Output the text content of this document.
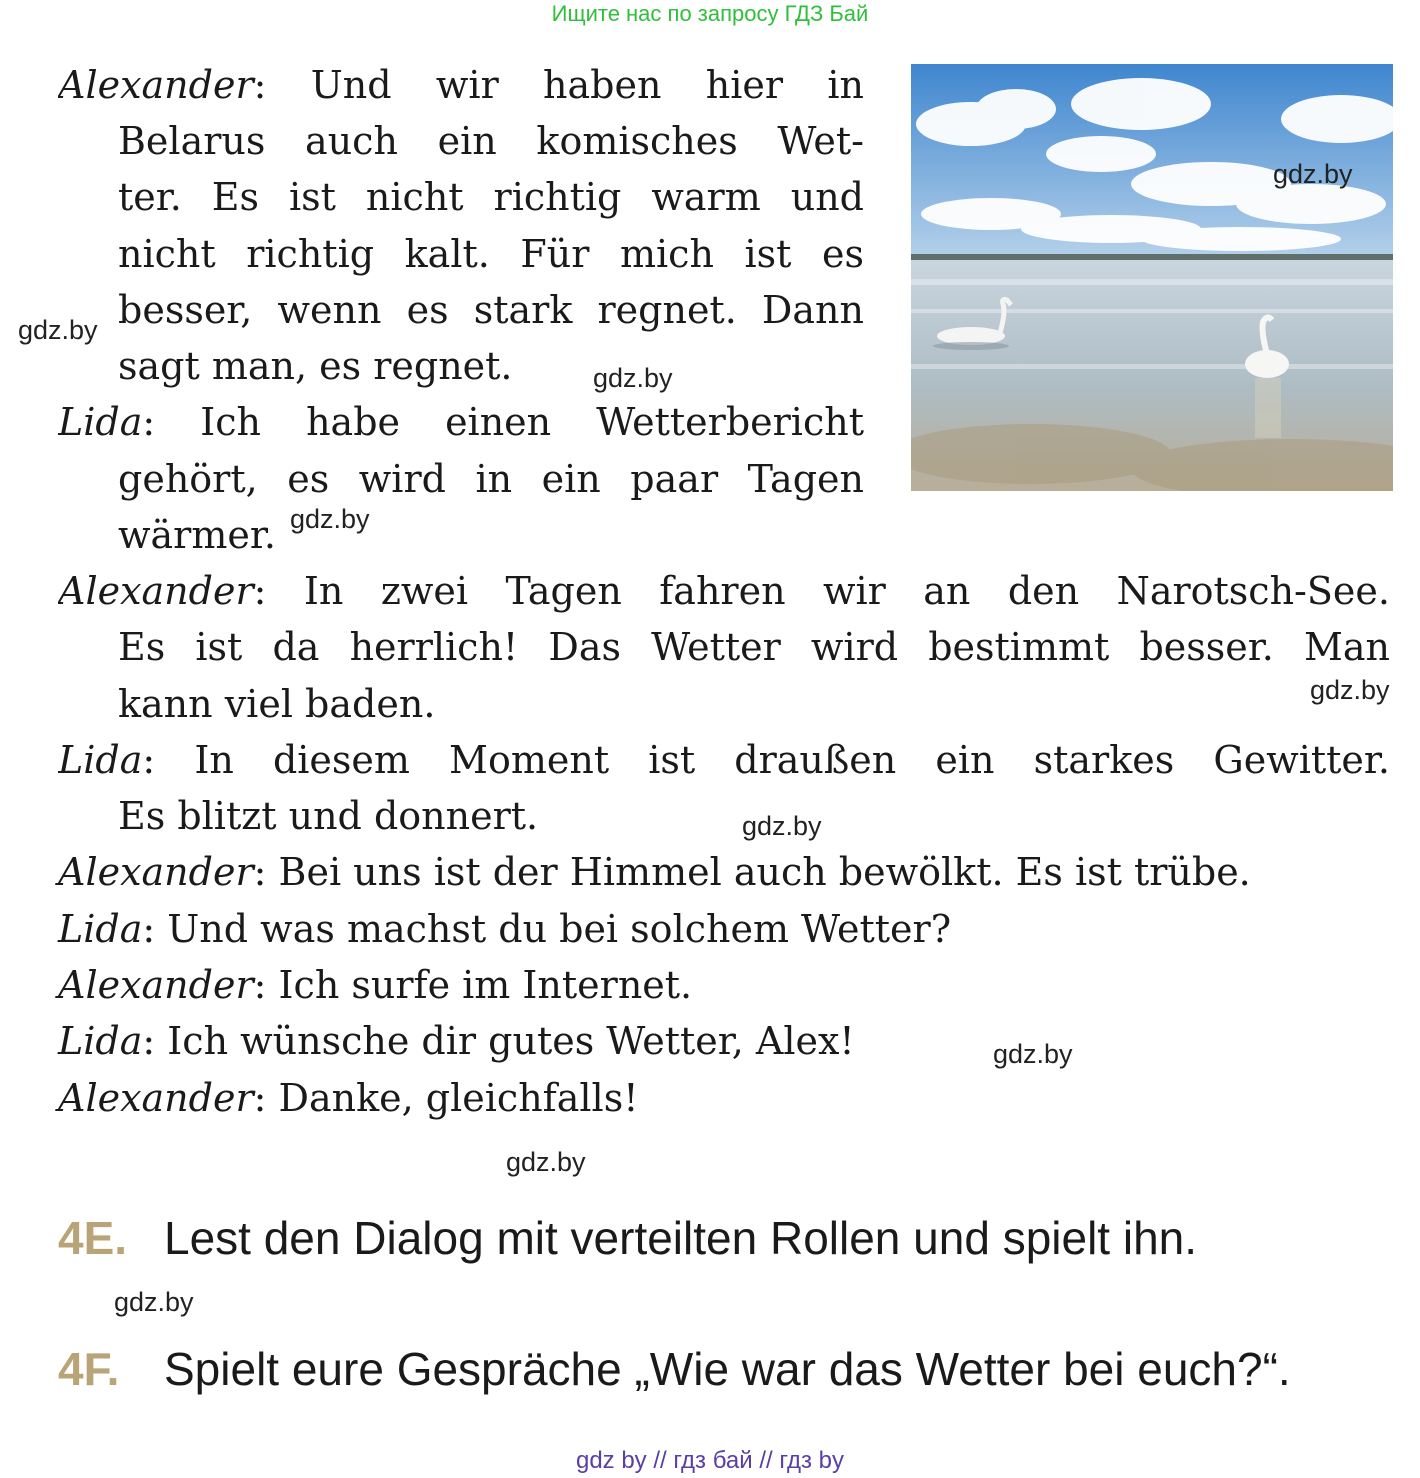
Ищите нас по запросу ГДЗ Бай
Alexander: Und wir haben hier in
Belarus auch ein komisches Wet-
ter. Es ist nicht richtig warm und
nicht richtig kalt. Für mich ist es
besser, wenn es stark regnet. Dann
sagt man, es regnet.
Lida: Ich habe einen Wetterbericht
gehört, es wird in ein paar Tagen
wärmer.
Alexander: In zwei Tagen fahren wir an den Narotsch-See.
Es ist da herrlich! Das Wetter wird bestimmt besser. Man
kann viel baden.
Lida: In diesem Moment ist draußen ein starkes Gewitter.
Es blitzt und donnert.
Alexander: Bei uns ist der Himmel auch bewölkt. Es ist trübe.
Lida: Und was machst du bei solchem Wetter?
Alexander: Ich surfe im Internet.
Lida: Ich wünsche dir gutes Wetter, Alex!
Alexander: Danke, gleichfalls!
gdz.by
gdz.by
gdz.by
gdz.by
gdz.by
gdz.by
gdz.by
gdz.by
gdz.by
4E. Lest den Dialog mit verteilten Rollen und spielt ihn.
4F. Spielt eure Gespräche „Wie war das Wetter bei euch?“.
gdz by // гдз бай // гдз by
